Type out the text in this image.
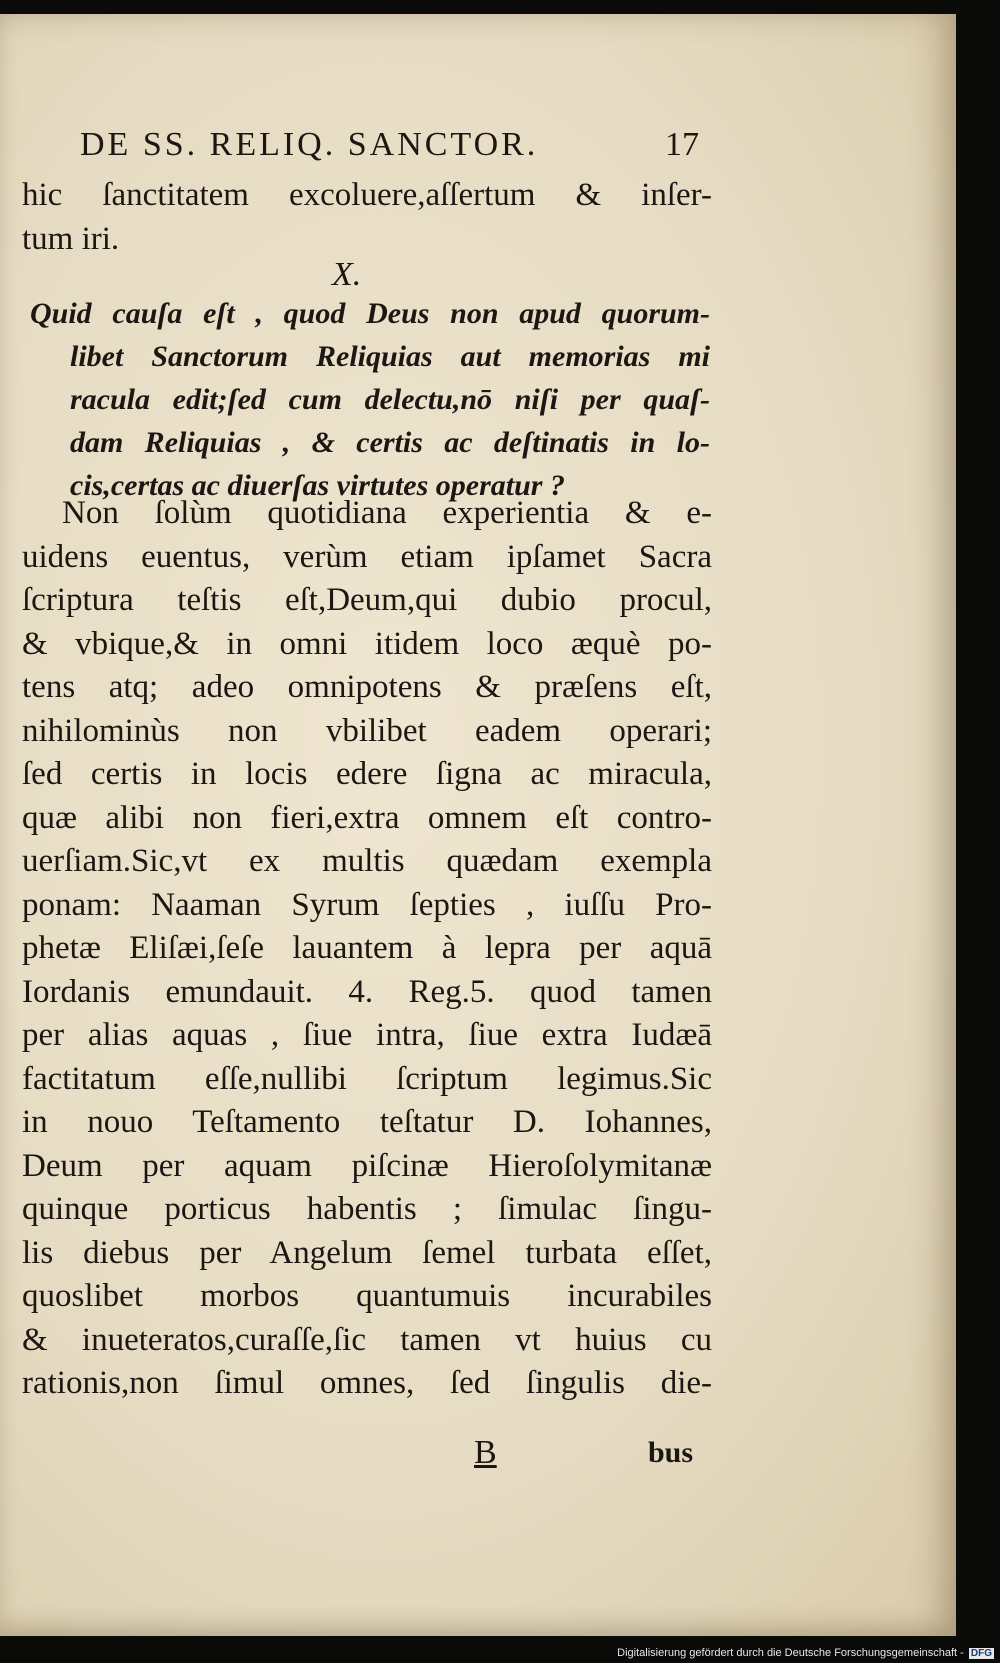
DE SS. RELIQ. SANCTOR.	17
hic ſanctitatem excoluere,aſſertum & inſer-
tum iri.
X.
Quid cauſa eſt , quod Deus non apud quorum-
libet Sanctorum Reliquias aut memorias mi
racula edit;ſed cum delectu,nō niſi per quaſ-
dam Reliquias , & certis ac deſtinatis in lo-
cis,certas ac diuerſas virtutes operatur ?
Non ſolùm quotidiana experientia & e-
uidens euentus, verùm etiam ipſamet Sacra
ſcriptura teſtis eſt,Deum,qui dubio procul,
& vbique,& in omni itidem loco æquè po-
tens atq; adeo omnipotens & præſens eſt,
nihilominùs non vbilibet eadem operari;
ſed certis in locis edere ſigna ac miracula,
quæ alibi non fieri,extra omnem eſt contro-
uerſiam.Sic,vt ex multis quædam exempla
ponam: Naaman Syrum ſepties , iuſſu Pro-
phetæ Eliſæi,ſeſe lauantem à lepra per aquā
Iordanis emundauit. 4. Reg.5. quod tamen
per alias aquas , ſiue intra, ſiue extra Iudæā
factitatum eſſe,nullibi ſcriptum legimus.Sic
in nouo Teſtamento teſtatur D. Iohannes,
Deum per aquam piſcinæ Hieroſolymitanæ
quinque porticus habentis ; ſimulac ſingu-
lis diebus per Angelum ſemel turbata eſſet,
quoslibet morbos quantumuis incurabiles
& inueteratos,curaſſe,ſic tamen vt huius cu
rationis,non ſimul omnes, ſed ſingulis die-
B	bus
Digitalisierung gefördert durch die Deutsche Forschungsgemeinschaft - DFG
